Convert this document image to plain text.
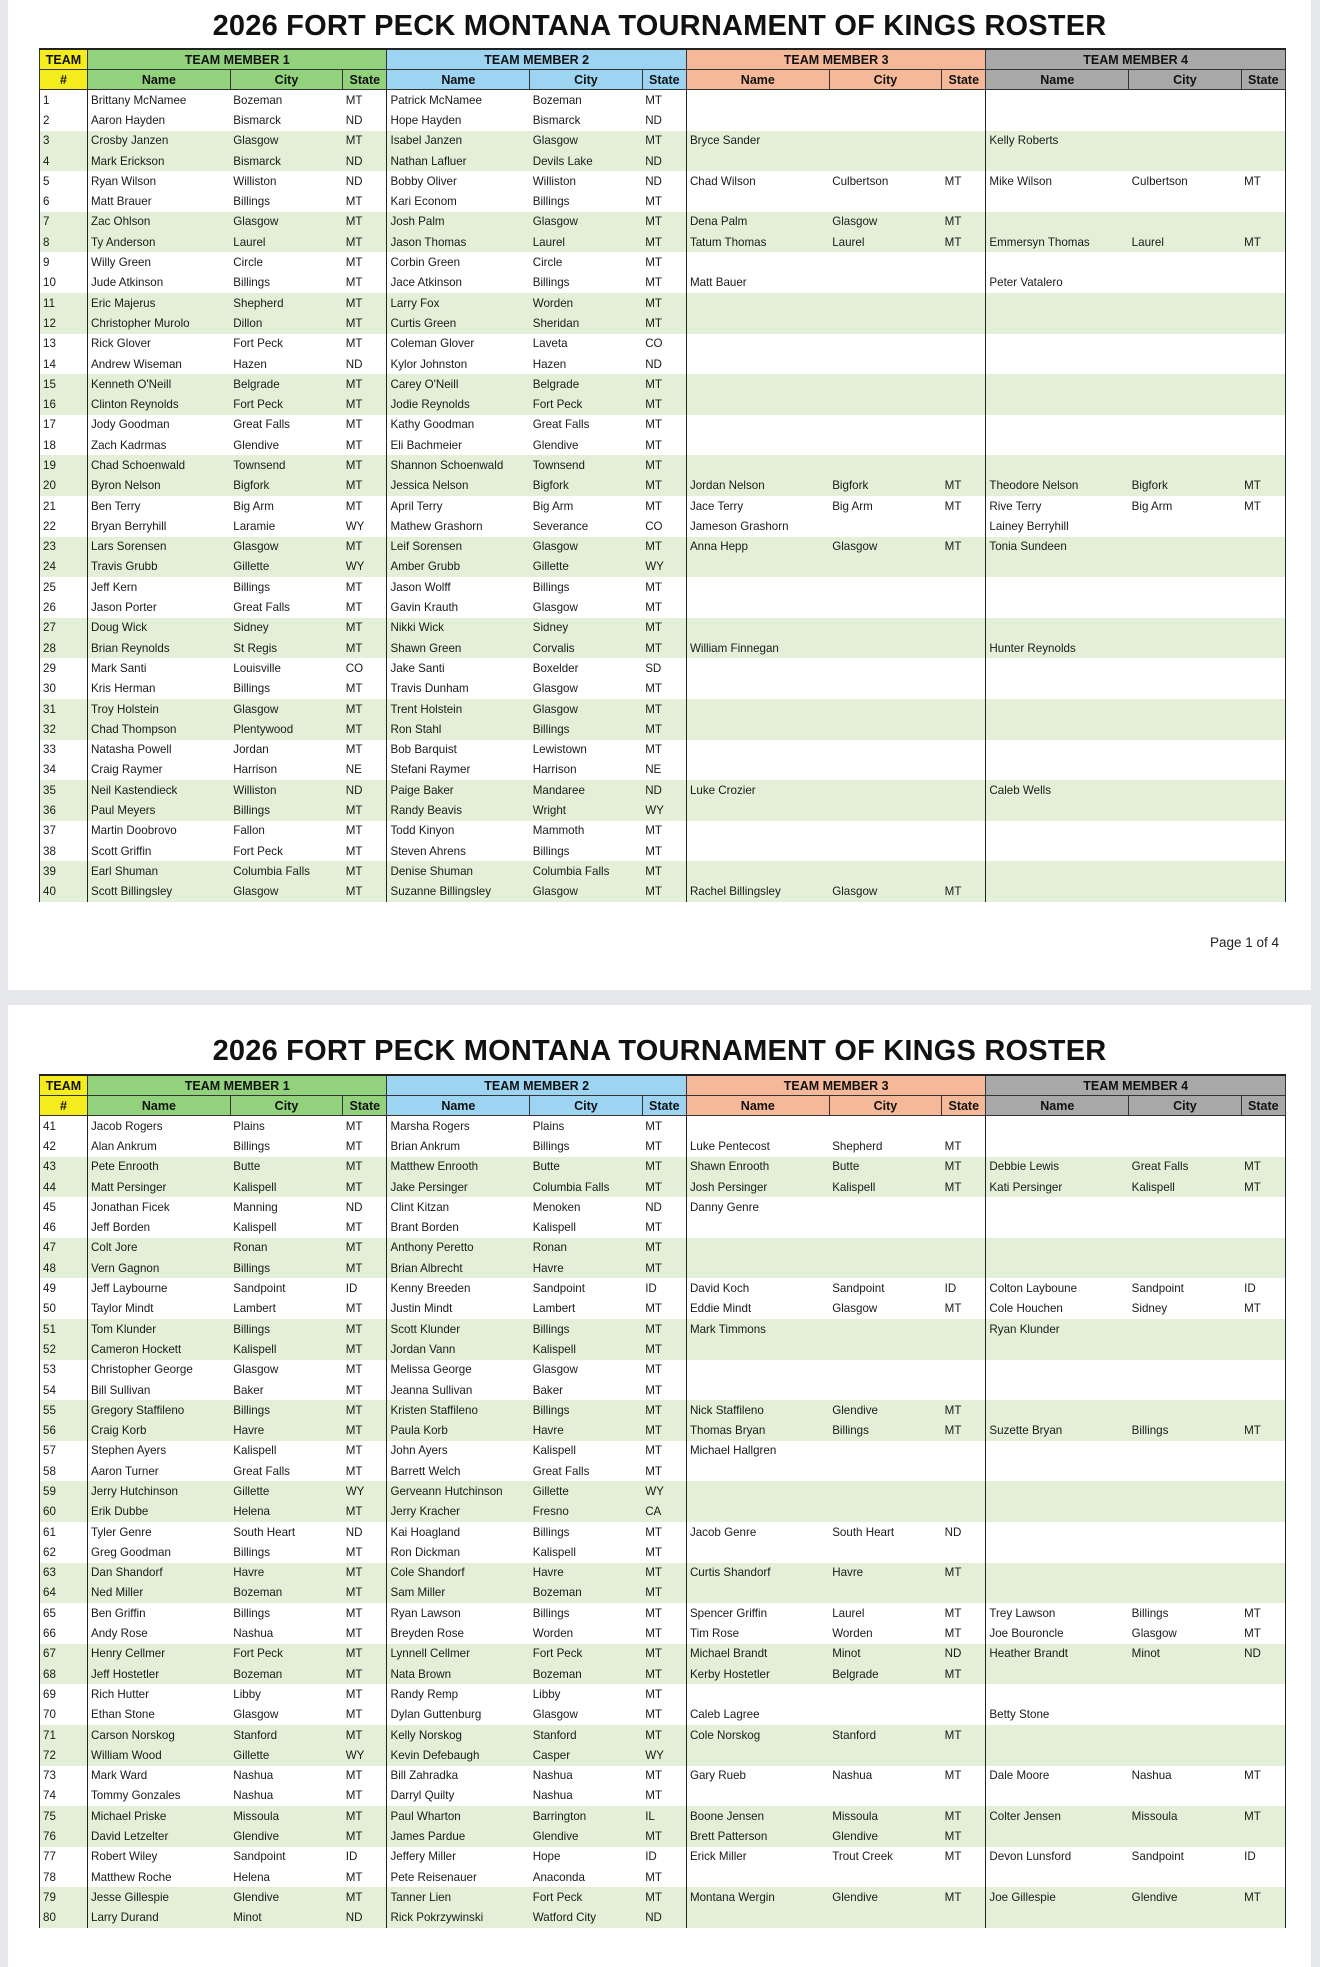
2026 FORT PECK MONTANA TOURNAMENT OF KINGS ROSTER
TEAM	TEAM MEMBER 1			TEAM MEMBER 2			TEAM MEMBER 3			TEAM MEMBER 4		
#	Name	City	State	Name	City	State	Name	City	State	Name	City	State
1	Brittany McNamee	Bozeman	MT	Patrick McNamee	Bozeman	MT						
2	Aaron Hayden	Bismarck	ND	Hope Hayden	Bismarck	ND						
3	Crosby Janzen	Glasgow	MT	Isabel Janzen	Glasgow	MT	Bryce Sander			Kelly Roberts		
4	Mark Erickson	Bismarck	ND	Nathan Lafluer	Devils Lake	ND						
5	Ryan Wilson	Williston	ND	Bobby Oliver	Williston	ND	Chad Wilson	Culbertson	MT	Mike Wilson	Culbertson	MT
6	Matt Brauer	Billings	MT	Kari Econom	Billings	MT						
7	Zac Ohlson	Glasgow	MT	Josh Palm	Glasgow	MT	Dena Palm	Glasgow	MT			
8	Ty Anderson	Laurel	MT	Jason Thomas	Laurel	MT	Tatum Thomas	Laurel	MT	Emmersyn Thomas	Laurel	MT
9	Willy Green	Circle	MT	Corbin Green	Circle	MT						
10	Jude Atkinson	Billings	MT	Jace Atkinson	Billings	MT	Matt Bauer			Peter Vatalero		
11	Eric Majerus	Shepherd	MT	Larry Fox	Worden	MT						
12	Christopher Murolo	Dillon	MT	Curtis Green	Sheridan	MT						
13	Rick Glover	Fort Peck	MT	Coleman Glover	Laveta	CO						
14	Andrew Wiseman	Hazen	ND	Kylor Johnston	Hazen	ND						
15	Kenneth O'Neill	Belgrade	MT	Carey O'Neill	Belgrade	MT						
16	Clinton Reynolds	Fort Peck	MT	Jodie Reynolds	Fort Peck	MT						
17	Jody Goodman	Great Falls	MT	Kathy Goodman	Great Falls	MT						
18	Zach Kadrmas	Glendive	MT	Eli Bachmeier	Glendive	MT						
19	Chad Schoenwald	Townsend	MT	Shannon Schoenwald	Townsend	MT						
20	Byron Nelson	Bigfork	MT	Jessica Nelson	Bigfork	MT	Jordan Nelson	Bigfork	MT	Theodore Nelson	Bigfork	MT
21	Ben Terry	Big Arm	MT	April Terry	Big Arm	MT	Jace Terry	Big Arm	MT	Rive Terry	Big Arm	MT
22	Bryan Berryhill	Laramie	WY	Mathew Grashorn	Severance	CO	Jameson Grashorn			Lainey Berryhill		
23	Lars Sorensen	Glasgow	MT	Leif Sorensen	Glasgow	MT	Anna Hepp	Glasgow	MT	Tonia Sundeen		
24	Travis Grubb	Gillette	WY	Amber Grubb	Gillette	WY						
25	Jeff Kern	Billings	MT	Jason Wolff	Billings	MT						
26	Jason Porter	Great Falls	MT	Gavin Krauth	Glasgow	MT						
27	Doug Wick	Sidney	MT	Nikki Wick	Sidney	MT						
28	Brian Reynolds	St Regis	MT	Shawn Green	Corvalis	MT	William Finnegan			Hunter Reynolds		
29	Mark Santi	Louisville	CO	Jake Santi	Boxelder	SD						
30	Kris Herman	Billings	MT	Travis Dunham	Glasgow	MT						
31	Troy Holstein	Glasgow	MT	Trent Holstein	Glasgow	MT						
32	Chad Thompson	Plentywood	MT	Ron Stahl	Billings	MT						
33	Natasha Powell	Jordan	MT	Bob Barquist	Lewistown	MT						
34	Craig Raymer	Harrison	NE	Stefani Raymer	Harrison	NE						
35	Neil Kastendieck	Williston	ND	Paige Baker	Mandaree	ND	Luke Crozier			Caleb Wells		
36	Paul Meyers	Billings	MT	Randy Beavis	Wright	WY						
37	Martin Doobrovo	Fallon	MT	Todd Kinyon	Mammoth	MT						
38	Scott Griffin	Fort Peck	MT	Steven Ahrens	Billings	MT						
39	Earl Shuman	Columbia Falls	MT	Denise Shuman	Columbia Falls	MT						
40	Scott Billingsley	Glasgow	MT	Suzanne Billingsley	Glasgow	MT	Rachel Billingsley	Glasgow	MT			
Page 1 of 4
2026 FORT PECK MONTANA TOURNAMENT OF KINGS ROSTER
TEAM	TEAM MEMBER 1			TEAM MEMBER 2			TEAM MEMBER 3			TEAM MEMBER 4		
#	Name	City	State	Name	City	State	Name	City	State	Name	City	State
41	Jacob Rogers	Plains	MT	Marsha Rogers	Plains	MT						
42	Alan Ankrum	Billings	MT	Brian Ankrum	Billings	MT	Luke Pentecost	Shepherd	MT			
43	Pete Enrooth	Butte	MT	Matthew Enrooth	Butte	MT	Shawn Enrooth	Butte	MT	Debbie Lewis	Great Falls	MT
44	Matt Persinger	Kalispell	MT	Jake Persinger	Columbia Falls	MT	Josh Persinger	Kalispell	MT	Kati Persinger	Kalispell	MT
45	Jonathan Ficek	Manning	ND	Clint Kitzan	Menoken	ND	Danny Genre					
46	Jeff Borden	Kalispell	MT	Brant Borden	Kalispell	MT						
47	Colt Jore	Ronan	MT	Anthony Peretto	Ronan	MT						
48	Vern Gagnon	Billings	MT	Brian Albrecht	Havre	MT						
49	Jeff Laybourne	Sandpoint	ID	Kenny Breeden	Sandpoint	ID	David Koch	Sandpoint	ID	Colton Layboune	Sandpoint	ID
50	Taylor Mindt	Lambert	MT	Justin Mindt	Lambert	MT	Eddie Mindt	Glasgow	MT	Cole Houchen	Sidney	MT
51	Tom Klunder	Billings	MT	Scott Klunder	Billings	MT	Mark Timmons			Ryan Klunder		
52	Cameron Hockett	Kalispell	MT	Jordan Vann	Kalispell	MT						
53	Christopher George	Glasgow	MT	Melissa George	Glasgow	MT						
54	Bill Sullivan	Baker	MT	Jeanna Sullivan	Baker	MT						
55	Gregory Staffileno	Billings	MT	Kristen Staffileno	Billings	MT	Nick Staffileno	Glendive	MT			
56	Craig Korb	Havre	MT	Paula Korb	Havre	MT	Thomas Bryan	Billings	MT	Suzette Bryan	Billings	MT
57	Stephen Ayers	Kalispell	MT	John Ayers	Kalispell	MT	Michael Hallgren					
58	Aaron Turner	Great Falls	MT	Barrett Welch	Great Falls	MT						
59	Jerry Hutchinson	Gillette	WY	Gerveann Hutchinson	Gillette	WY						
60	Erik Dubbe	Helena	MT	Jerry Kracher	Fresno	CA						
61	Tyler Genre	South Heart	ND	Kai Hoagland	Billings	MT	Jacob Genre	South Heart	ND			
62	Greg Goodman	Billings	MT	Ron Dickman	Kalispell	MT						
63	Dan Shandorf	Havre	MT	Cole Shandorf	Havre	MT	Curtis Shandorf	Havre	MT			
64	Ned Miller	Bozeman	MT	Sam Miller	Bozeman	MT						
65	Ben Griffin	Billings	MT	Ryan Lawson	Billings	MT	Spencer Griffin	Laurel	MT	Trey Lawson	Billings	MT
66	Andy Rose	Nashua	MT	Breyden Rose	Worden	MT	Tim Rose	Worden	MT	Joe Bouroncle	Glasgow	MT
67	Henry Cellmer	Fort Peck	MT	Lynnell Cellmer	Fort Peck	MT	Michael Brandt	Minot	ND	Heather Brandt	Minot	ND
68	Jeff Hostetler	Bozeman	MT	Nata Brown	Bozeman	MT	Kerby Hostetler	Belgrade	MT			
69	Rich Hutter	Libby	MT	Randy Remp	Libby	MT						
70	Ethan Stone	Glasgow	MT	Dylan Guttenburg	Glasgow	MT	Caleb Lagree			Betty Stone		
71	Carson Norskog	Stanford	MT	Kelly Norskog	Stanford	MT	Cole Norskog	Stanford	MT			
72	William Wood	Gillette	WY	Kevin Defebaugh	Casper	WY						
73	Mark Ward	Nashua	MT	Bill Zahradka	Nashua	MT	Gary Rueb	Nashua	MT	Dale Moore	Nashua	MT
74	Tommy Gonzales	Nashua	MT	Darryl Quilty	Nashua	MT						
75	Michael Priske	Missoula	MT	Paul Wharton	Barrington	IL	Boone Jensen	Missoula	MT	Colter Jensen	Missoula	MT
76	David Letzelter	Glendive	MT	James Pardue	Glendive	MT	Brett Patterson	Glendive	MT			
77	Robert Wiley	Sandpoint	ID	Jeffery Miller	Hope	ID	Erick Miller	Trout Creek	MT	Devon Lunsford	Sandpoint	ID
78	Matthew Roche	Helena	MT	Pete Reisenauer	Anaconda	MT						
79	Jesse Gillespie	Glendive	MT	Tanner Lien	Fort Peck	MT	Montana Wergin	Glendive	MT	Joe Gillespie	Glendive	MT
80	Larry Durand	Minot	ND	Rick Pokrzywinski	Watford City	ND						
